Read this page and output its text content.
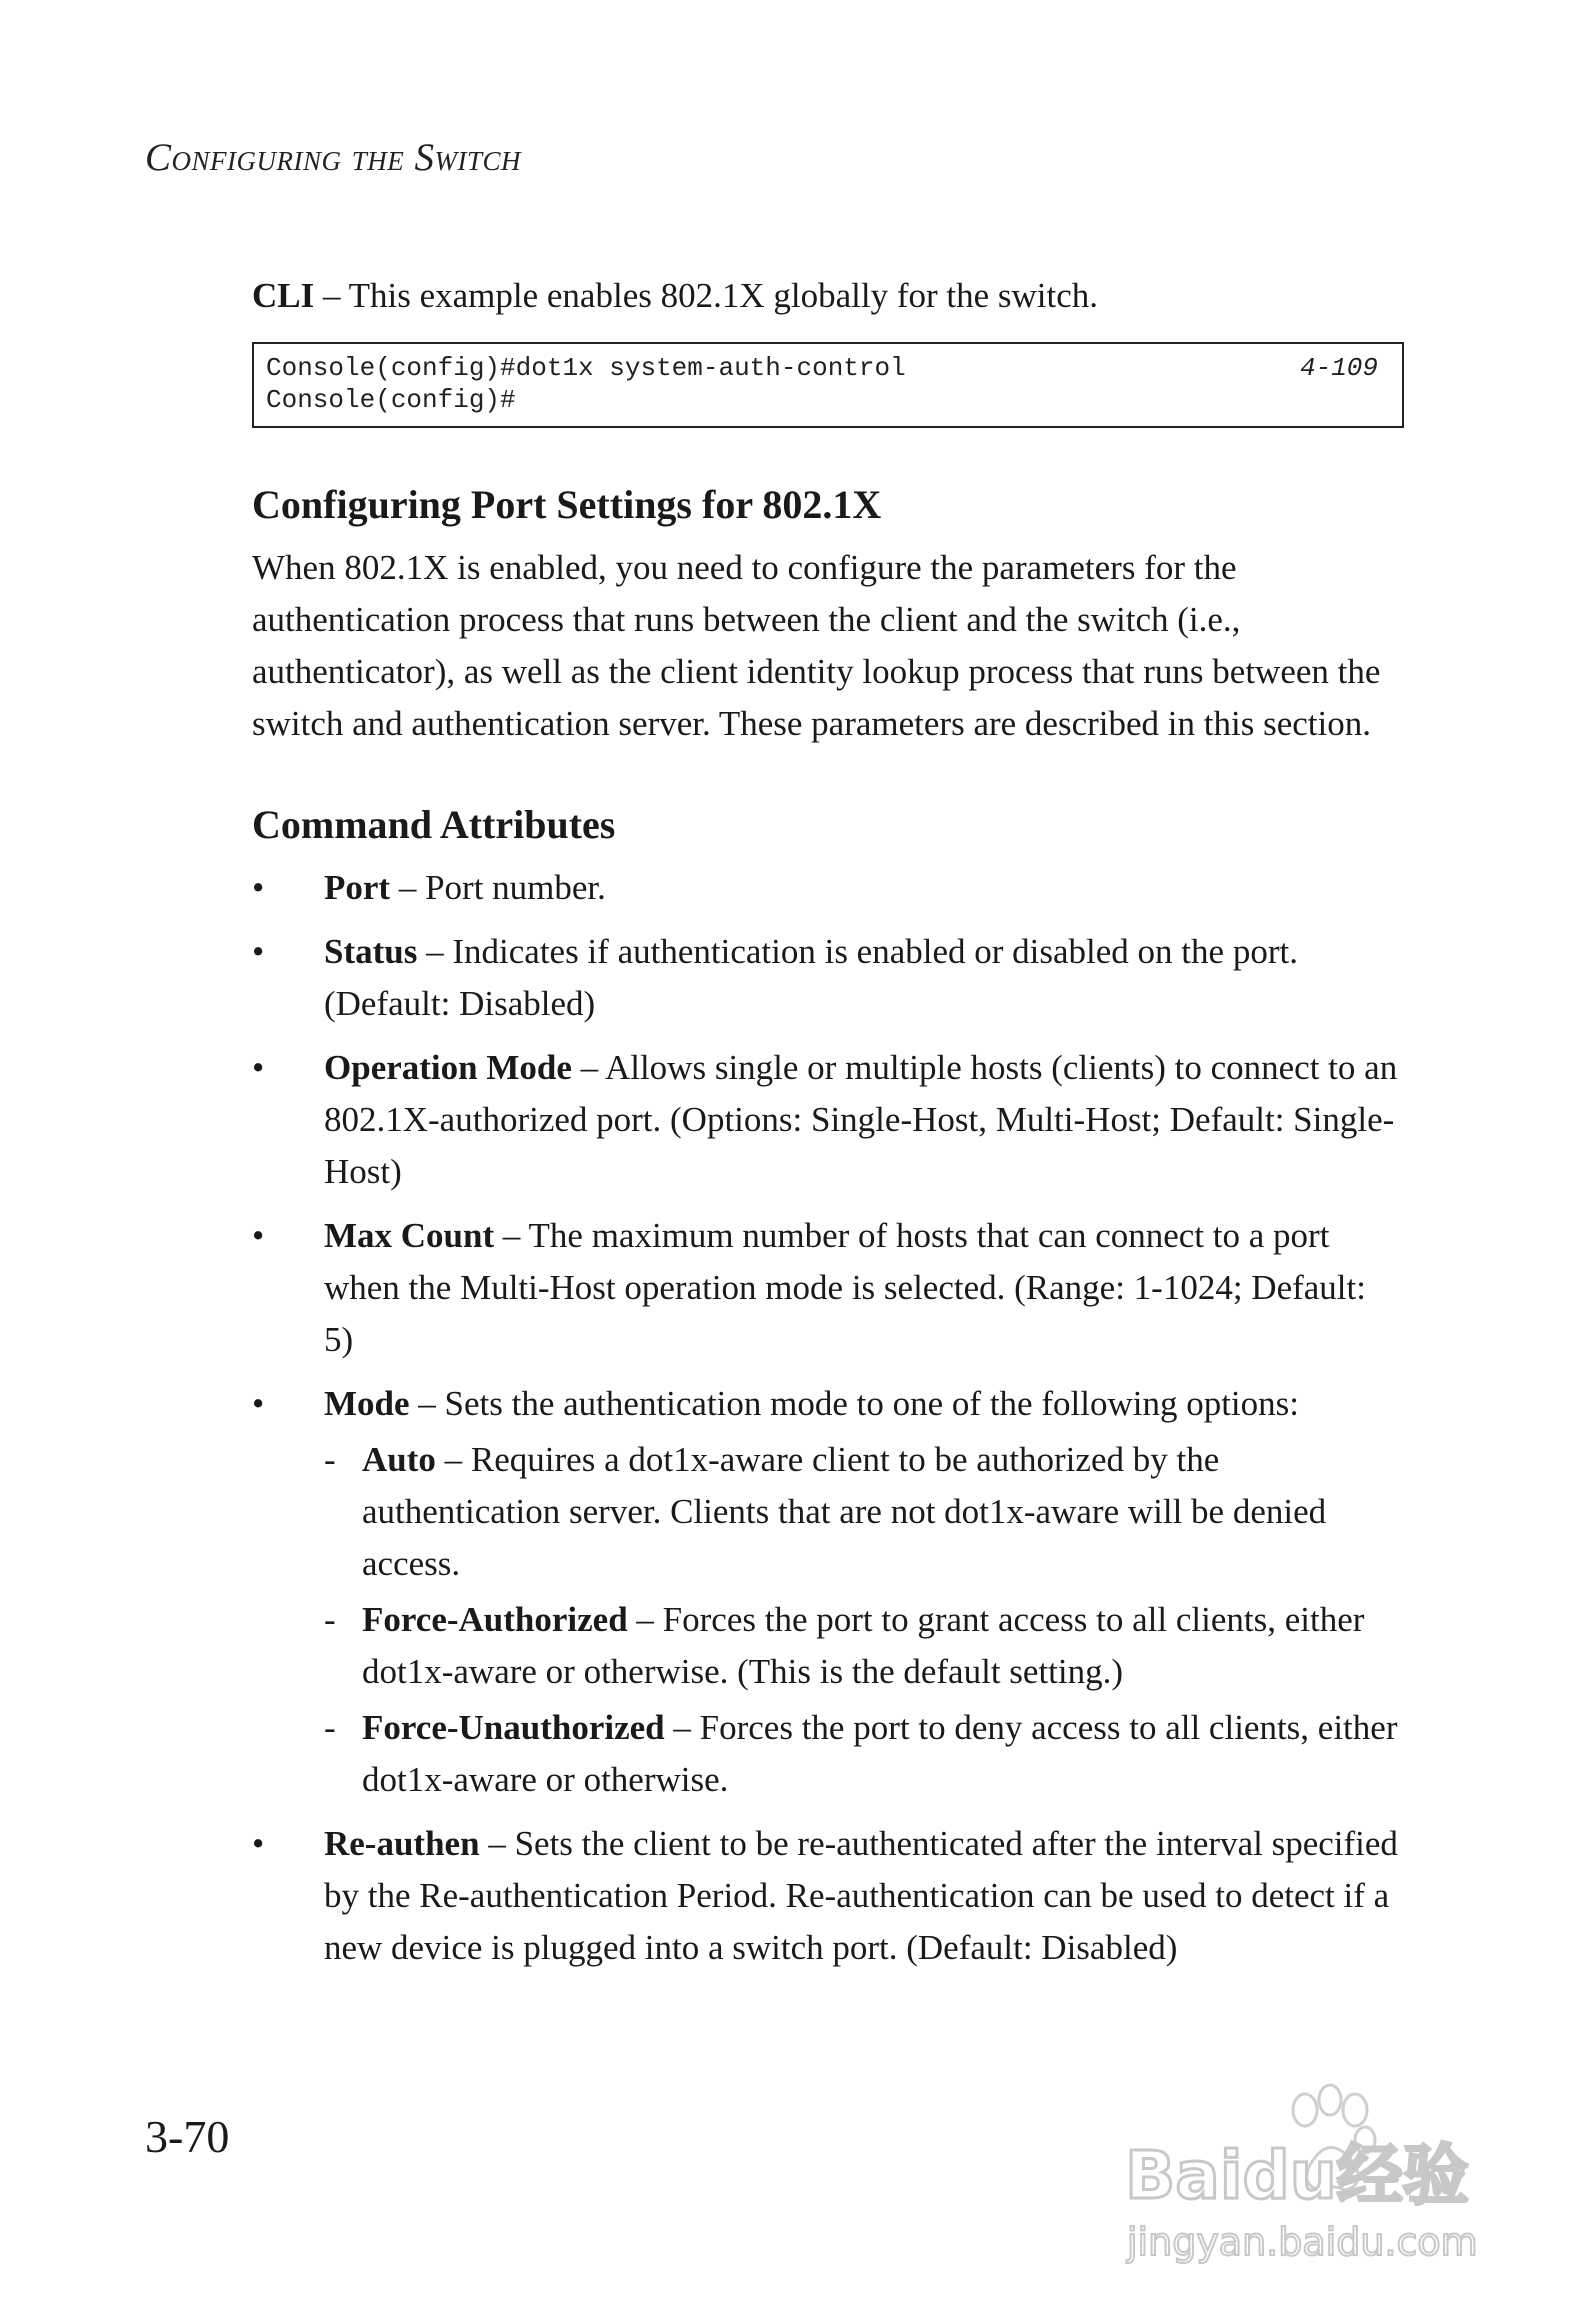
Configuring the Switch

CLI – This example enables 802.1X globally for the switch.

Console(config)#dot1x system-auth-control	4-109
Console(config)#
Configuring Port Settings for 802.1X

When 802.1X is enabled, you need to configure the parameters for the authentication process that runs between the client and the switch (i.e., authenticator), as well as the client identity lookup process that runs between the switch and authentication server. These parameters are described in this section.

Command Attributes
• Port – Port number.
• Status – Indicates if authentication is enabled or disabled on the port. (Default: Disabled)
• Operation Mode – Allows single or multiple hosts (clients) to connect to an 802.1X-authorized port. (Options: Single-Host, Multi-Host; Default: Single-Host)
• Max Count – The maximum number of hosts that can connect to a port when the Multi-Host operation mode is selected. (Range: 1-1024; Default: 5)
• Mode – Sets the authentication mode to one of the following options:
- Auto – Requires a dot1x-aware client to be authorized by the authentication server. Clients that are not dot1x-aware will be denied access.
- Force-Authorized – Forces the port to grant access to all clients, either dot1x-aware or otherwise. (This is the default setting.)
- Force-Unauthorized – Forces the port to deny access to all clients, either dot1x-aware or otherwise.
• Re-authen – Sets the client to be re-authenticated after the interval specified by the Re-authentication Period. Re-authentication can be used to detect if a new device is plugged into a switch port. (Default: Disabled)
3-70
Baidu经验
jingyan.baidu.com
